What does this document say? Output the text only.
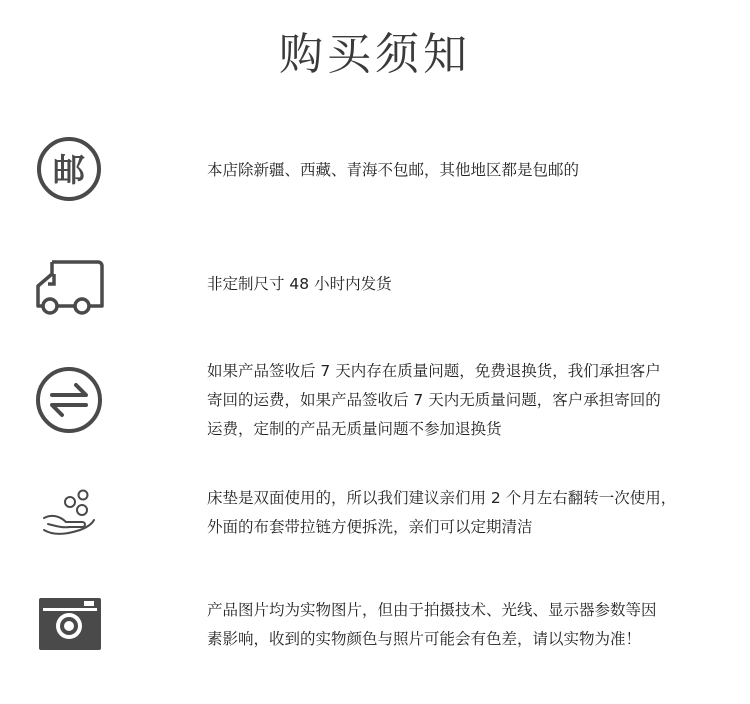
购买须知
邮	本店除新疆、西藏、青海不包邮，其他地区都是包邮的

非定制尺寸 48 小时内发货

如果产品签收后 7 天内存在质量问题，免费退换货，我们承担客户

寄回的运费，如果产品签收后 7 天内无质量问题，客户承担寄回的

运费，定制的产品无质量问题不参加退换货

床垫是双面使用的，所以我们建议亲们用 2 个月左右翻转一次使用，

外面的布套带拉链方便拆洗，亲们可以定期清洁

产品图片均为实物图片，但由于拍摄技术、光线、显示器参数等因

素影响，收到的实物颜色与照片可能会有色差，请以实物为准！
